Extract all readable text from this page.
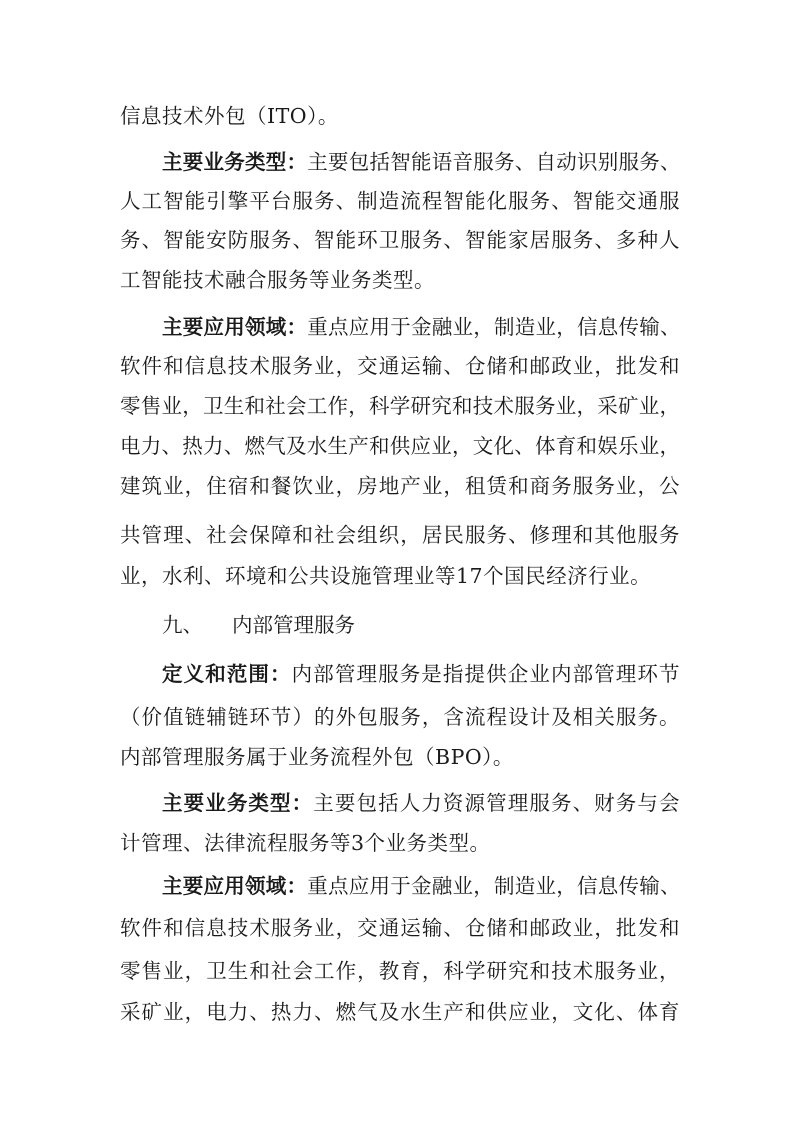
信息技术外包（ITO）。
主要业务类型：主要包括智能语音服务、自动识别服务、
人工智能引擎平台服务、制造流程智能化服务、智能交通服
务、智能安防服务、智能环卫服务、智能家居服务、多种人
工智能技术融合服务等业务类型。
主要应用领域：重点应用于金融业，制造业，信息传输、
软件和信息技术服务业，交通运输、仓储和邮政业，批发和
零售业，卫生和社会工作，科学研究和技术服务业，采矿业，
电力、热力、燃气及水生产和供应业，文化、体育和娱乐业，
建筑业，住宿和餐饮业，房地产业，租赁和商务服务业，公
共管理、社会保障和社会组织，居民服务、修理和其他服务
业，水利、环境和公共设施管理业等17个国民经济行业。
九、 内部管理服务
定义和范围：内部管理服务是指提供企业内部管理环节
（价值链辅链环节）的外包服务，含流程设计及相关服务。
内部管理服务属于业务流程外包（BPO）。
主要业务类型：主要包括人力资源管理服务、财务与会
计管理、法律流程服务等3个业务类型。
主要应用领域：重点应用于金融业，制造业，信息传输、
软件和信息技术服务业，交通运输、仓储和邮政业，批发和
零售业，卫生和社会工作，教育，科学研究和技术服务业，
采矿业，电力、热力、燃气及水生产和供应业，文化、体育
